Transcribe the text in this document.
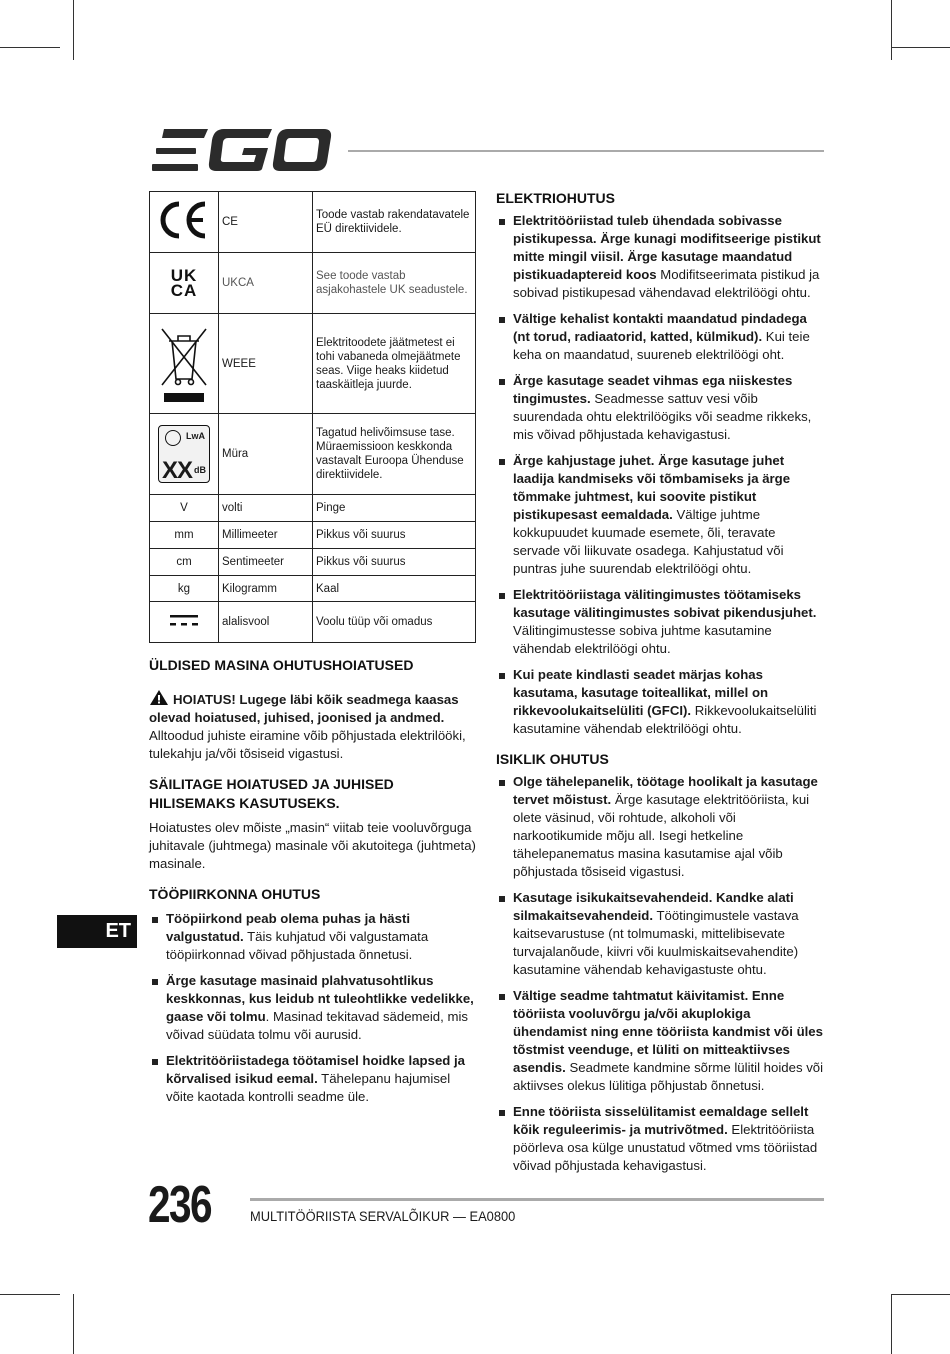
	CE	Toode vastab rakendatavatele EÜ direktiividele.

UK
CA	UKCA	See toode vastab asjakohastele UK seadustele.
	WEEE	Elektritoodete jäätmetest ei tohi vabaneda olmejäätmete seas. Viige heaks kiidetud taaskäitleja juurde.

LwA
XX dB	Müra	Tagatud helivõimsuse tase. Müraemissioon keskkonda vastavalt Euroopa Ühenduse direktiividele.
V	volti	Pinge
mm	Millimeeter	Pikkus või suurus
cm	Sentimeeter	Pikkus või suurus
kg	Kilogramm	Kaal
	alalisvool	Voolu tüüp või omadus
ÜLDISED MASINA OHUTUSHOIATUSED

HOIATUS! Lugege läbi kõik seadmega kaasas olevad hoiatused, juhised, joonised ja andmed. Alltoodud juhiste eiramine võib põhjustada elektrilööki, tulekahju ja/või tõsiseid vigastusi.

SÄILITAGE HOIATUSED JA JUHISED HILISEMAKS KASUTUSEKS.

Hoiatustes olev mõiste „masin“ viitab teie vooluvõrguga juhitavale (juhtmega) masinale või akutoitega (juhtmeta) masinale.

TÖÖPIIRKONNA OHUTUS
Tööpiirkond peab olema puhas ja hästi valgustatud. Täis kuhjatud või valgustamata tööpiirkonnad võivad põhjustada õnnetusi.
Ärge kasutage masinaid plahvatusohtlikus keskkonnas, kus leidub nt tuleohtlikke vedelikke, gaase või tolmu. Masinad tekitavad sädemeid, mis võivad süüdata tolmu või aurusid.
Elektritööriistadega töötamisel hoidke lapsed ja kõrvalised isikud eemal. Tähelepanu hajumisel võite kaotada kontrolli seadme üle.
ELEKTRIOHUTUS
Elektritööriistad tuleb ühendada sobivasse pistikupessa. Ärge kunagi modifitseerige pistikut mitte mingil viisil. Ärge kasutage maandatud pistikuadaptereid koos Modifitseerimata pistikud ja sobivad pistikupesad vähendavad elektrilöögi ohtu.
Vältige kehalist kontakti maandatud pindadega (nt torud, radiaatorid, katted, külmikud). Kui teie keha on maandatud, suureneb elektrilöögi oht.
Ärge kasutage seadet vihmas ega niiskestes tingimustes. Seadmesse sattuv vesi võib suurendada ohtu elektrilöögiks või seadme rikkeks, mis võivad põhjustada kehavigastusi.
Ärge kahjustage juhet. Ärge kasutage juhet laadija kandmiseks või tõmbamiseks ja ärge tõmmake juhtmest, kui soovite pistikut pistikupesast eemaldada. Vältige juhtme kokkupuudet kuumade esemete, õli, teravate servade või liikuvate osadega. Kahjustatud või puntras juhe suurendab elektrilöögi ohtu.
Elektritööriistaga välitingimustes töötamiseks kasutage välitingimustes sobivat pikendusjuhet. Välitingimustesse sobiva juhtme kasutamine vähendab elektrilöögi ohtu.
Kui peate kindlasti seadet märjas kohas kasutama, kasutage toiteallikat, millel on rikkevoolukaitselüliti (GFCI). Rikkevoolukaitselüliti kasutamine vähendab elektrilöögi ohtu.
ISIKLIK OHUTUS
Olge tähelepanelik, töötage hoolikalt ja kasutage tervet mõistust. Ärge kasutage elektritööriista, kui olete väsinud, või rohtude, alkoholi või narkootikumide mõju all. Isegi hetkeline tähelepanematus masina kasutamise ajal võib põhjustada tõsiseid vigastusi.
Kasutage isikukaitsevahendeid. Kandke alati silmakaitsevahendeid. Töötingimustele vastava kaitsevarustuse (nt tolmumaski, mittelibisevate turvajalanõude, kiivri või kuulmiskaitsevahendite) kasutamine vähendab kehavigastuste ohtu.
Vältige seadme tahtmatut käivitamist. Enne tööriista vooluvõrgu ja/või akuplokiga ühendamist ning enne tööriista kandmist või üles tõstmist veenduge, et lüliti on mitteaktiivses asendis. Seadmete kandmine sõrme lülitil hoides või aktiivses olekus lülitiga põhjustab õnnetusi.
Enne tööriista sisselülitamist eemaldage sellelt kõik reguleerimis- ja mutrivõtmed. Elektritööriista pöörleva osa külge unustatud võtmed vms tööriistad võivad põhjustada kehavigastusi.
ET
236	MULTITÖÖRIISTA SERVALÕIKUR — EA0800
